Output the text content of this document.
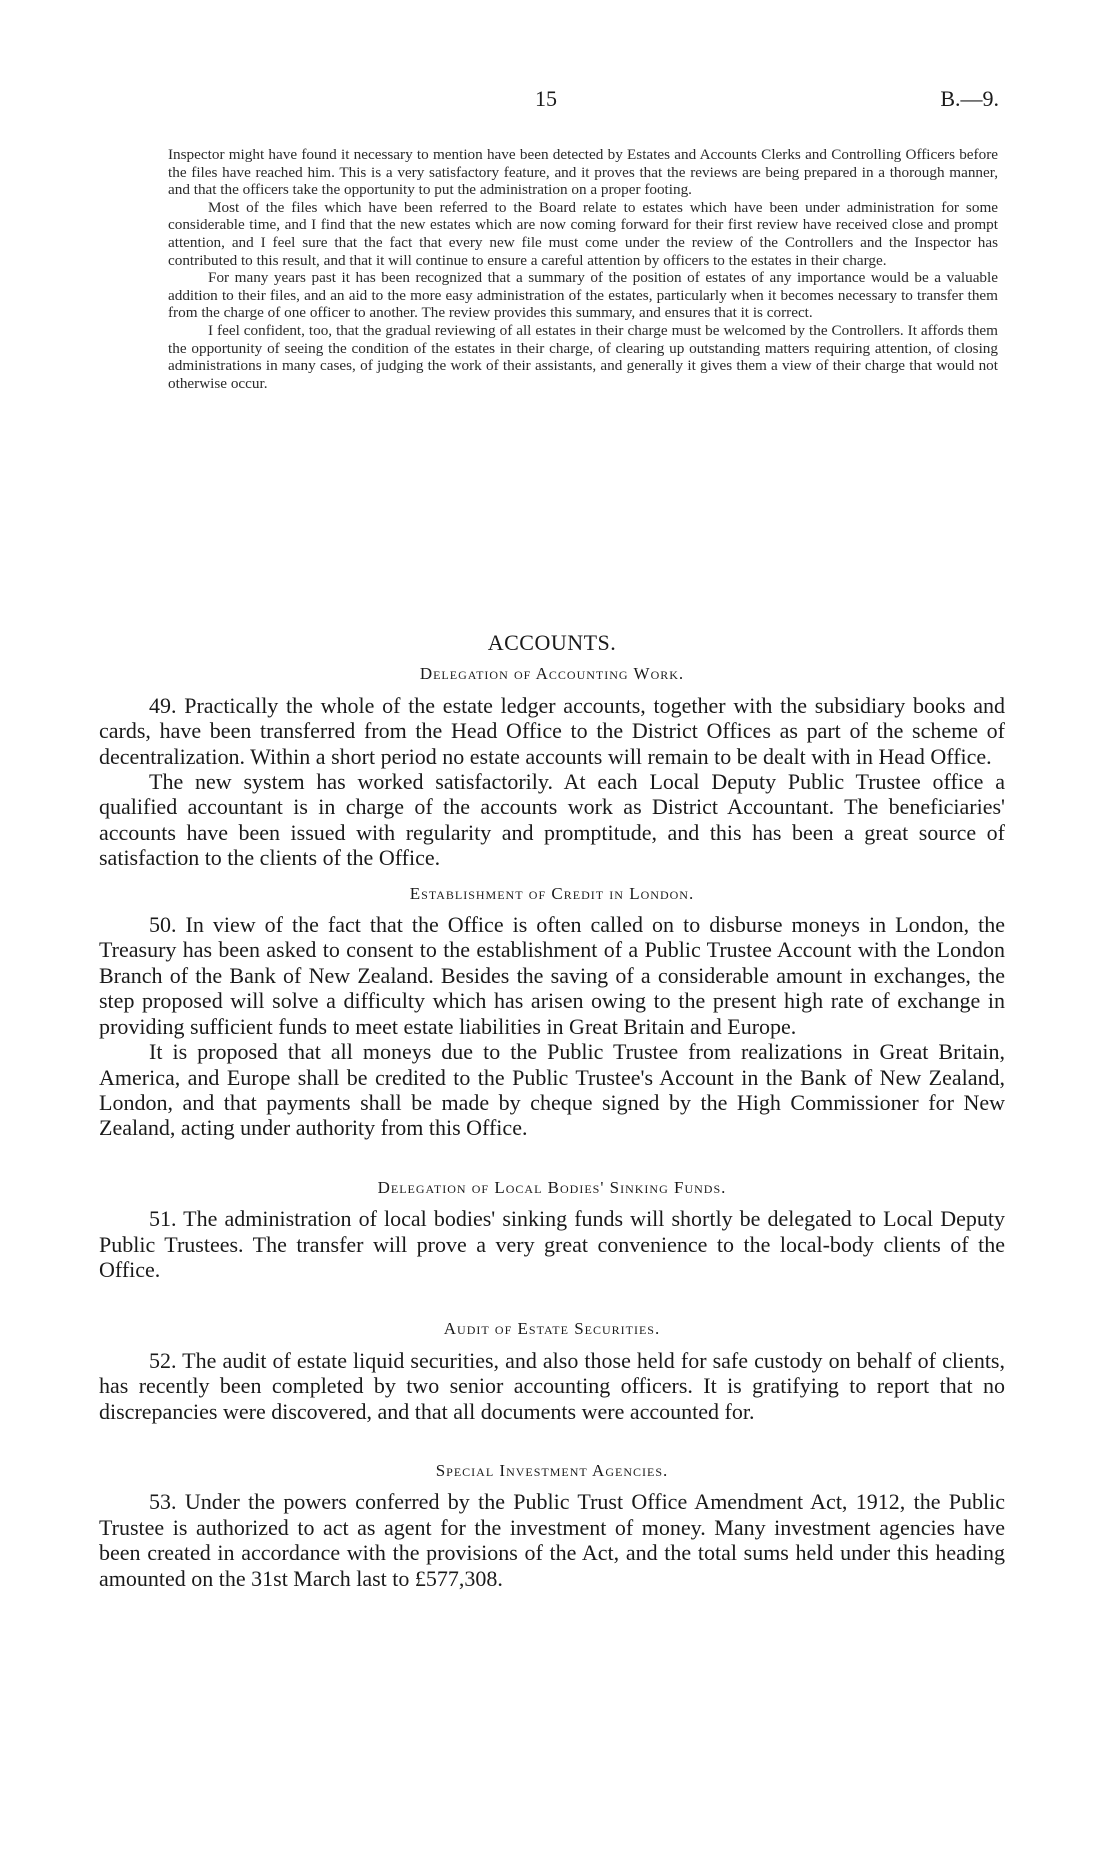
15	B.—9.

Inspector might have found it necessary to mention have been detected by Estates and Accounts Clerks and Controlling Officers before the files have reached him. This is a very satisfactory feature, and it proves that the reviews are being prepared in a thorough manner, and that the officers take the opportunity to put the administration on a proper footing.

Most of the files which have been referred to the Board relate to estates which have been under administration for some considerable time, and I find that the new estates which are now coming forward for their first review have received close and prompt attention, and I feel sure that the fact that every new file must come under the review of the Controllers and the Inspector has contributed to this result, and that it will continue to ensure a careful attention by officers to the estates in their charge.

For many years past it has been recognized that a summary of the position of estates of any importance would be a valuable addition to their files, and an aid to the more easy administration of the estates, particularly when it becomes necessary to transfer them from the charge of one officer to another. The review provides this summary, and ensures that it is correct.

I feel confident, too, that the gradual reviewing of all estates in their charge must be welcomed by the Controllers. It affords them the opportunity of seeing the condition of the estates in their charge, of clearing up outstanding matters requiring attention, of closing administrations in many cases, of judging the work of their assistants, and generally it gives them a view of their charge that would not otherwise occur.

ACCOUNTS.
Delegation of Accounting Work.

49. Practically the whole of the estate ledger accounts, together with the subsidiary books and cards, have been transferred from the Head Office to the District Offices as part of the scheme of decentralization. Within a short period no estate accounts will remain to be dealt with in Head Office.

The new system has worked satisfactorily. At each Local Deputy Public Trustee office a qualified accountant is in charge of the accounts work as District Accountant. The beneficiaries' accounts have been issued with regularity and promptitude, and this has been a great source of satisfaction to the clients of the Office.

Establishment of Credit in London.

50. In view of the fact that the Office is often called on to disburse moneys in London, the Treasury has been asked to consent to the establishment of a Public Trustee Account with the London Branch of the Bank of New Zealand. Besides the saving of a considerable amount in exchanges, the step proposed will solve a difficulty which has arisen owing to the present high rate of exchange in providing sufficient funds to meet estate liabilities in Great Britain and Europe.

It is proposed that all moneys due to the Public Trustee from realizations in Great Britain, America, and Europe shall be credited to the Public Trustee's Account in the Bank of New Zealand, London, and that payments shall be made by cheque signed by the High Commissioner for New Zealand, acting under authority from this Office.

Delegation of Local Bodies' Sinking Funds.

51. The administration of local bodies' sinking funds will shortly be delegated to Local Deputy Public Trustees. The transfer will prove a very great convenience to the local-body clients of the Office.

Audit of Estate Securities.

52. The audit of estate liquid securities, and also those held for safe custody on behalf of clients, has recently been completed by two senior accounting officers. It is gratifying to report that no discrepancies were discovered, and that all documents were accounted for.

Special Investment Agencies.

53. Under the powers conferred by the Public Trust Office Amendment Act, 1912, the Public Trustee is authorized to act as agent for the investment of money. Many investment agencies have been created in accordance with the provisions of the Act, and the total sums held under this heading amounted on the 31st March last to £577,308.
